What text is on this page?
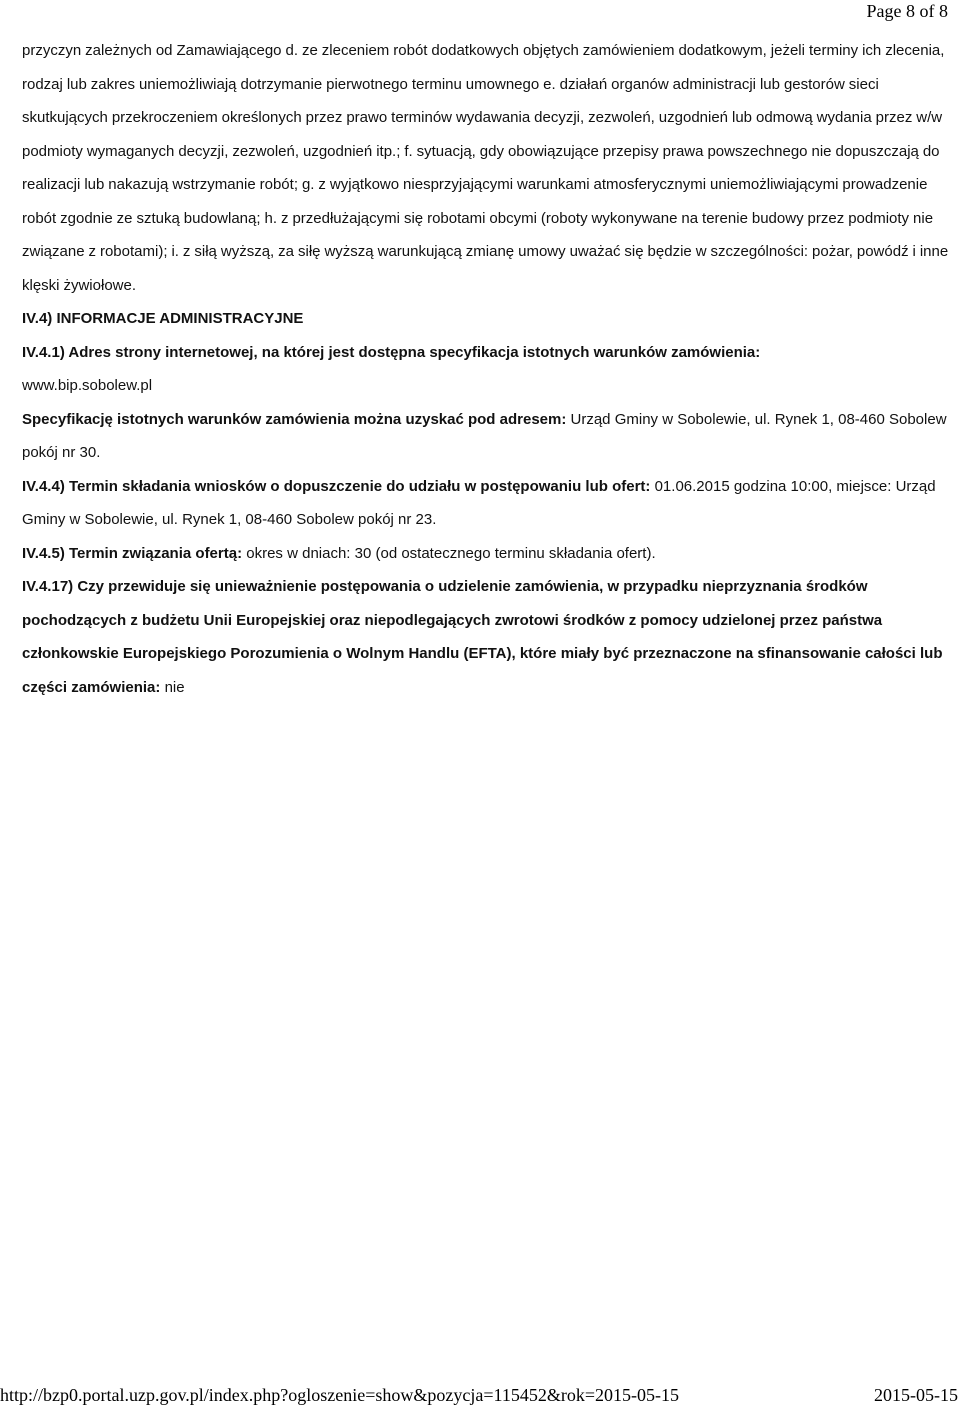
Page 8 of 8

przyczyn zależnych od Zamawiającego d. ze zleceniem robót dodatkowych objętych zamówieniem dodatkowym, jeżeli terminy ich zlecenia, rodzaj lub zakres uniemożliwiają dotrzymanie pierwotnego terminu umownego e. działań organów administracji lub gestorów sieci skutkujących przekroczeniem określonych przez prawo terminów wydawania decyzji, zezwoleń, uzgodnień lub odmową wydania przez w/w podmioty wymaganych decyzji, zezwoleń, uzgodnień itp.; f. sytuacją, gdy obowiązujące przepisy prawa powszechnego nie dopuszczają do realizacji lub nakazują wstrzymanie robót; g. z wyjątkowo niesprzyjającymi warunkami atmosferycznymi uniemożliwiającymi prowadzenie robót zgodnie ze sztuką budowlaną; h. z przedłużającymi się robotami obcymi (roboty wykonywane na terenie budowy przez podmioty nie związane z robotami); i. z siłą wyższą, za siłę wyższą warunkującą zmianę umowy uważać się będzie w szczególności: pożar, powódź i inne klęski żywiołowe.

IV.4) INFORMACJE ADMINISTRACYJNE

IV.4.1) Adres strony internetowej, na której jest dostępna specyfikacja istotnych warunków zamówienia:

www.bip.sobolew.pl

Specyfikację istotnych warunków zamówienia można uzyskać pod adresem: Urząd Gminy w Sobolewie, ul. Rynek 1, 08-460 Sobolew pokój nr 30.

IV.4.4) Termin składania wniosków o dopuszczenie do udziału w postępowaniu lub ofert: 01.06.2015 godzina 10:00, miejsce: Urząd Gminy w Sobolewie, ul. Rynek 1, 08-460 Sobolew pokój nr 23.

IV.4.5) Termin związania ofertą: okres w dniach: 30 (od ostatecznego terminu składania ofert).

IV.4.17) Czy przewiduje się unieważnienie postępowania o udzielenie zamówienia, w przypadku nieprzyznania środków pochodzących z budżetu Unii Europejskiej oraz niepodlegających zwrotowi środków z pomocy udzielonej przez państwa członkowskie Europejskiego Porozumienia o Wolnym Handlu (EFTA), które miały być przeznaczone na sfinansowanie całości lub części zamówienia: nie

http://bzp0.portal.uzp.gov.pl/index.php?ogloszenie=show&pozycja=115452&rok=2015-05-15	2015-05-15
